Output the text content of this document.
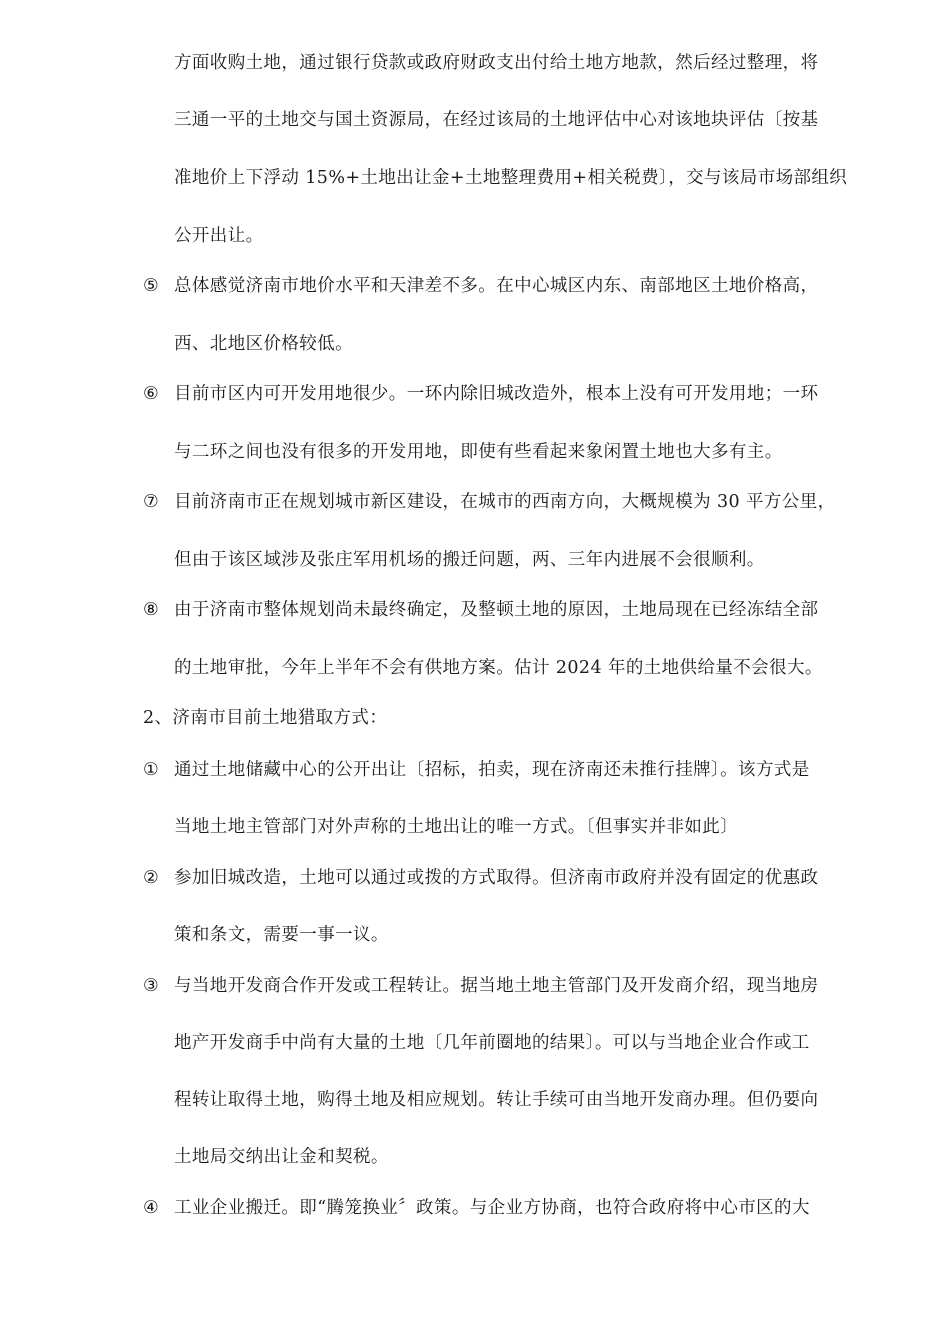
方面收购土地，通过银行贷款或政府财政支出付给土地方地款，然后经过整理，将
三通一平的土地交与国土资源局，在经过该局的土地评估中心对该地块评估〔按基
准地价上下浮动 15%+土地出让金+土地整理费用+相关税费〕，交与该局市场部组织
公开出让。
⑤ 总体感觉济南市地价水平和天津差不多。在中心城区内东、南部地区土地价格高，
西、北地区价格较低。
⑥ 目前市区内可开发用地很少。一环内除旧城改造外，根本上没有可开发用地；一环
与二环之间也没有很多的开发用地，即使有些看起来象闲置土地也大多有主。
⑦ 目前济南市正在规划城市新区建设，在城市的西南方向，大概规模为 30 平方公里，
但由于该区域涉及张庄军用机场的搬迁问题，两、三年内进展不会很顺利。
⑧ 由于济南市整体规划尚未最终确定，及整顿土地的原因，土地局现在已经冻结全部
的土地审批，今年上半年不会有供地方案。估计 2024 年的土地供给量不会很大。
2、济南市目前土地猎取方式：
① 通过土地储藏中心的公开出让〔招标，拍卖，现在济南还未推行挂牌〕。该方式是
当地土地主管部门对外声称的土地出让的唯一方式。〔但事实并非如此〕
② 参加旧城改造，土地可以通过或拨的方式取得。但济南市政府并没有固定的优惠政
策和条文，需要一事一议。
③ 与当地开发商合作开发或工程转让。据当地土地主管部门及开发商介绍，现当地房
地产开发商手中尚有大量的土地〔几年前圈地的结果〕。可以与当地企业合作或工
程转让取得土地，购得土地及相应规划。转让手续可由当地开发商办理。但仍要向
土地局交纳出让金和契税。
④ 工业企业搬迁。即“腾笼换业〞政策。与企业方协商，也符合政府将中心市区的大
